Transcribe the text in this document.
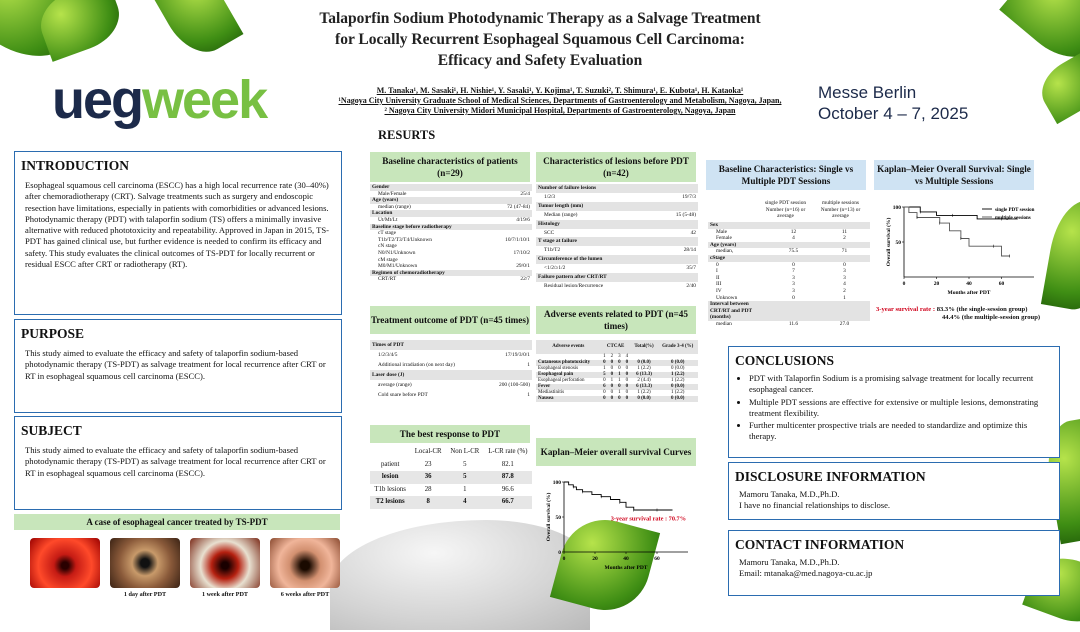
Talaporfin Sodium Photodynamic Therapy as a Salvage Treatment
for Locally Recurrent Esophageal Squamous Cell Carcinoma:
Efficacy and Safety Evaluation
M. Tanaka¹, M. Sasaki¹, H. Nishie¹, Y. Sasaki¹, Y. Kojima¹, T. Suzuki², T. Shimura¹, E. Kubota¹, H. Kataoka¹
¹Nagoya City University Graduate School of Medical Sciences, Departments of Gastroenterology and Metabolism, Nagoya, Japan,
² Nagoya City University Midori Municipal Hospital, Departments of Gastroenterology, Nagoya, Japan
uegweek	Messe Berlin
October 4 – 7, 2025
INTRODUCTION
Esophageal squamous cell carcinoma (ESCC) has a high local recurrence rate (30–40%) after chemoradiotherapy (CRT). Salvage treatments such as surgery and endoscopic resection have limitations, especially in patients with comorbidities or advanced lesions. Photodynamic therapy (PDT) with talaporfin sodium (TS) offers a minimally invasive alternative with reduced phototoxicity and repeatability. Approved in Japan in 2015, TS-PDT has gained clinical use, but further evidence is needed to confirm its efficacy and safety. This study evaluates the clinical outcomes of TS-PDT for locally recurrent or residual ESCC after CRT or radiotherapy (RT).
PURPOSE
This study aimed to evaluate the efficacy and safety of talaporfin sodium-based photodynamic therapy (TS-PDT) as salvage treatment for local recurrence after CRT or RT in esophageal squamous cell carcinoma (ESCC).
SUBJECT
This study aimed to evaluate the efficacy and safety of talaporfin sodium-based photodynamic therapy (TS-PDT) as salvage treatment for local recurrence after CRT or RT in esophageal squamous cell carcinoma (ESCC).
A case of esophageal cancer treated by TS-PDT
1 day after PDT	1 week after PDT	6 weeks after PDT
RESURTS
Baseline characteristics of patients (n=29)
Gender	
Male/Female	25/4
Age (years)	
median (range)	72 (47-84)
Location	
Ut/Mt/Lt	4/19/6
Baseline stage before radiotherapy	
cT stage	
T1b/T2/T3/T4/Unknown	10/7/1/10/1
cN stage	
N0/N1/Unknown	17/10/2
cM stage	
M0/M1/Unknown	29/0/1
Regimen of chemoradiotherapy	
CRT/RT	22/7
Characteristics of lesions before PDT (n=42)
Number of failure lesions	
1/2/3	19/7/3
Tumor length (mm)	
Median (range)	15 (5-48)
Histology	
SCC	42
T stage at failure	
T1b/T2	28/14
Circumference of the lumen	
<1/2/≥1/2	35/7
Failure pattern after CRT/RT	
Residual lesion/Recurrence	2/40
Treatment outcome of PDT (n=45 times)
Times of PDT	
1/2/3/4/5	17/19/3/0/1
Additional irradiation (on next day)	1
Laser dose (J)	
average (range)	200 (100-500)
Cold snare before PDT	1
The best response to PDT
	Local-CR	Non L-CR	L-CR rate (%)
patient	23	5	82.1
lesion	36	5	87.8
T1b lesions	28	1	96.6
T2 lesions	8	4	66.7
Adverse events related to PDT (n=45 times)
Adverse events	CTCAE				Total(%)	Grade 3-4 (%)
	1	2	3	4		
Cutaneous phototoxicity	0	0	0	0	0 (0.0)	0 (0.0)
Esophageal stenosis	1	0	0	0	1 (2.2)	0 (0.0)
Esophageal pain	5	0	1	0	6 (13.3)	1 (2.2)
Esophageal perforation	0	1	1	0	2 (4.4)	1 (2.2)
Fever	6	0	0	0	6 (13.3)	0 (0.0)
Mediastinitis	0	0	1	0	1 (2.2)	1 (2.2)
Nausea	0	0	0	0	0 (0.0)	0 (0.0)
Kaplan–Meier overall survival Curves
0	20	40	60
0
50
100
Months after PDT
Overall survival (%)	3-year survival rate : 70.7%
Baseline Characteristics: Single vs Multiple PDT Sessions
single PDT session Number (n=16) or average
multiple sessions Number (n=13) or average
Sex		
Male	12	11
Female	4	2
Age (years)		
median,	75.5	71
cStage		
0	0	0
I	7	3
II	3	3
III	3	4
IV	3	2
Unknown	0	1
Interval between CRT/RT and PDT (months)		
median	11.6	27.0
Kaplan–Meier Overall Survival: Single vs Multiple Sessions
0	20	40	60
50
100
Months after PDT
Overall survival (%)
single PDT session
multiple sessions
3-year survival rate : 83.3% (the single-session group)
44.4% (the multiple-session group)
CONCLUSIONS
• PDT with Talaporfin Sodium is a promising salvage treatment for locally recurrent esophageal cancer.
• Multiple PDT sessions are effective for extensive or multiple lesions, demonstrating treatment flexibility.
• Further multicenter prospective trials are needed to standardize and optimize this therapy.
DISCLOSURE INFORMATION
Mamoru Tanaka, M.D.,Ph.D.
I have no financial relationships to disclose.
CONTACT INFORMATION
Mamoru Tanaka, M.D.,Ph.D.
Email: mtanaka@med.nagoya-cu.ac.jp
